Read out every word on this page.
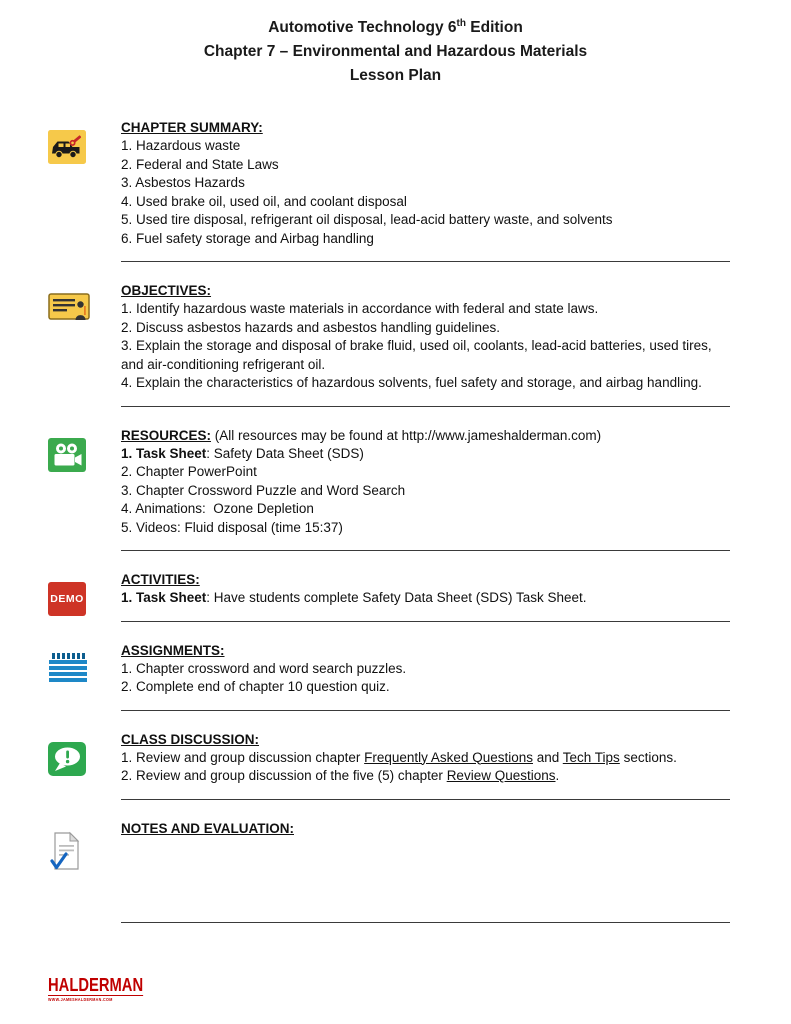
Automotive Technology 6th Edition
Chapter 7 – Environmental and Hazardous Materials
Lesson Plan
CHAPTER SUMMARY:
1. Hazardous waste
2. Federal and State Laws
3. Asbestos Hazards
4. Used brake oil, used oil, and coolant disposal
5. Used tire disposal, refrigerant oil disposal, lead-acid battery waste, and solvents
6. Fuel safety storage and Airbag handling
OBJECTIVES:
1. Identify hazardous waste materials in accordance with federal and state laws.
2. Discuss asbestos hazards and asbestos handling guidelines.
3. Explain the storage and disposal of brake fluid, used oil, coolants, lead-acid batteries, used tires, and air-conditioning refrigerant oil.
4. Explain the characteristics of hazardous solvents, fuel safety and storage, and airbag handling.
RESOURCES: (All resources may be found at http://www.jameshalderman.com)
1. Task Sheet: Safety Data Sheet (SDS)
2. Chapter PowerPoint
3. Chapter Crossword Puzzle and Word Search
4. Animations:  Ozone Depletion
5. Videos: Fluid disposal (time 15:37)
DEMO
ACTIVITIES:
1. Task Sheet: Have students complete Safety Data Sheet (SDS) Task Sheet.
ASSIGNMENTS:
1. Chapter crossword and word search puzzles.
2. Complete end of chapter 10 question quiz.
CLASS DISCUSSION:
1. Review and group discussion chapter Frequently Asked Questions and Tech Tips sections.
2. Review and group discussion of the five (5) chapter Review Questions.
NOTES AND EVALUATION:
HALDERMAN
WWW.JAMESHALDERMAN.COM
